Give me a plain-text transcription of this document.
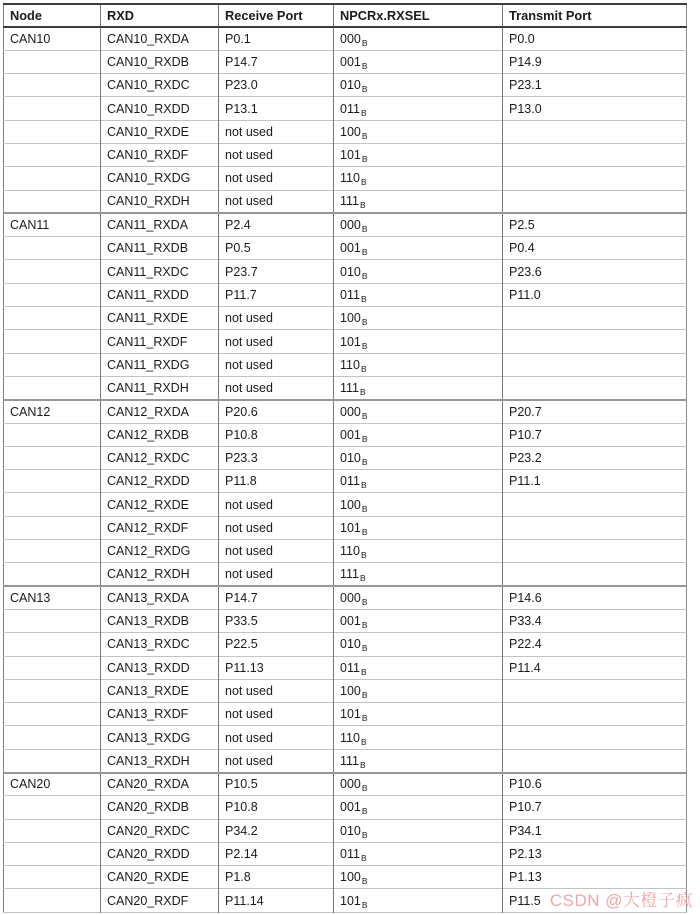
Node	RXD	Receive Port	NPCRx.RXSEL	Transmit Port
CAN10	CAN10_RXDA	P0.1	$000_B$	P0.0
	CAN10_RXDB	P14.7	$001_B$	P14.9
	CAN10_RXDC	P23.0	$010_B$	P23.1
	CAN10_RXDD	P13.1	$011_B$	P13.0
	CAN10_RXDE	not used	$100_B$	
	CAN10_RXDF	not used	$101_B$	
	CAN10_RXDG	not used	$110_B$	
	CAN10_RXDH	not used	$111_B$	
CAN11	CAN11_RXDA	P2.4	$000_B$	P2.5
	CAN11_RXDB	P0.5	$001_B$	P0.4
	CAN11_RXDC	P23.7	$010_B$	P23.6
	CAN11_RXDD	P11.7	$011_B$	P11.0
	CAN11_RXDE	not used	$100_B$	
	CAN11_RXDF	not used	$101_B$	
	CAN11_RXDG	not used	$110_B$	
	CAN11_RXDH	not used	$111_B$	
CAN12	CAN12_RXDA	P20.6	$000_B$	P20.7
	CAN12_RXDB	P10.8	$001_B$	P10.7
	CAN12_RXDC	P23.3	$010_B$	P23.2
	CAN12_RXDD	P11.8	$011_B$	P11.1
	CAN12_RXDE	not used	$100_B$	
	CAN12_RXDF	not used	$101_B$	
	CAN12_RXDG	not used	$110_B$	
	CAN12_RXDH	not used	$111_B$	
CAN13	CAN13_RXDA	P14.7	$000_B$	P14.6
	CAN13_RXDB	P33.5	$001_B$	P33.4
	CAN13_RXDC	P22.5	$010_B$	P22.4
	CAN13_RXDD	P11.13	$011_B$	P11.4
	CAN13_RXDE	not used	$100_B$	
	CAN13_RXDF	not used	$101_B$	
	CAN13_RXDG	not used	$110_B$	
	CAN13_RXDH	not used	$111_B$	
CAN20	CAN20_RXDA	P10.5	$000_B$	P10.6
	CAN20_RXDB	P10.8	$001_B$	P10.7
	CAN20_RXDC	P34.2	$010_B$	P34.1
	CAN20_RXDD	P2.14	$011_B$	P2.13
	CAN20_RXDE	P1.8	$100_B$	P1.13
	CAN20_RXDF	P11.14	$101_B$	P11.5 CSDN @大橙子疯
